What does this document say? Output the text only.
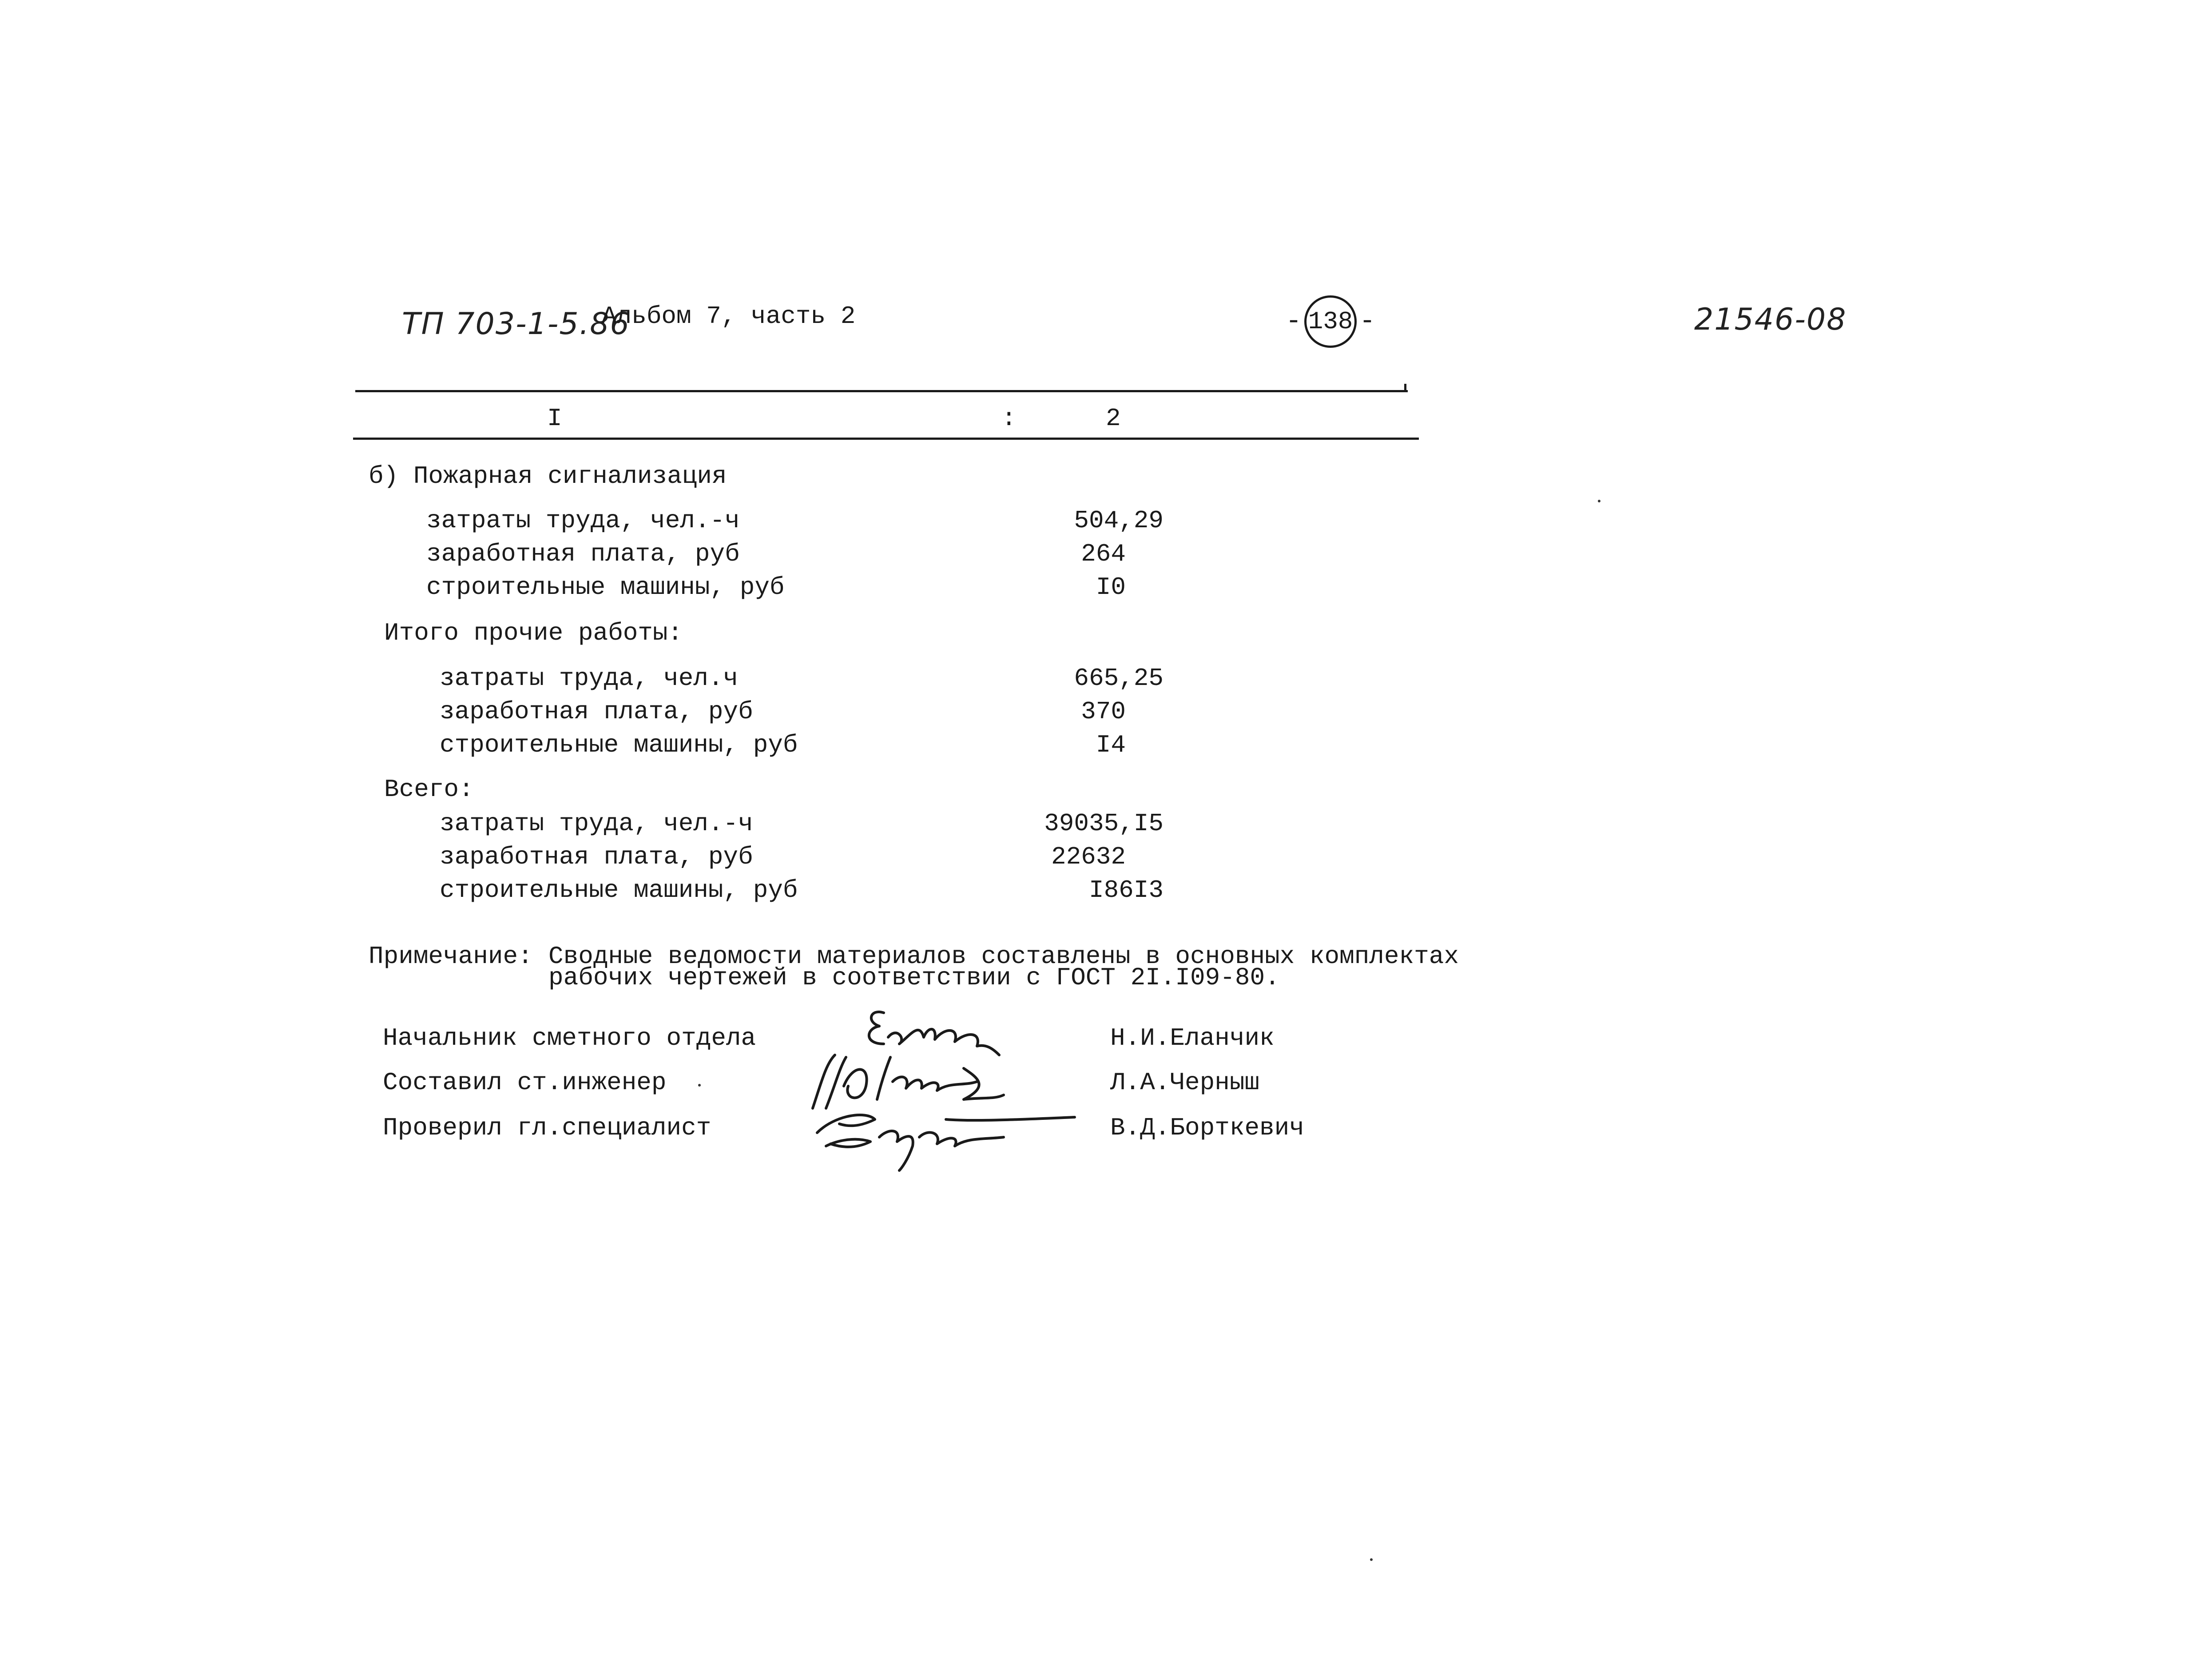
ТП 703-1-5.86
Альбом 7, часть 2	- 138 -	21546-08
I	:	2
б) Пожарная сигнализация
затраты труда, чел.-ч	504,29
заработная плата, руб	264
строительные машины, руб	I0
Итого прочие работы:
затраты труда, чел.ч	665,25
заработная плата, руб	370
строительные машины, руб	I4
Всего:
затраты труда, чел.-ч	39035,I5
заработная плата, руб	22632
строительные машины, руб	I86I3
Примечание: Сводные ведомости материалов составлены в основных комплектах
рабочих чертежей в соответствии с ГОСТ 2I.I09-80.
Начальник сметного отдела	Н.И.Еланчик
Составил ст.инженер	Л.А.Черныш
Проверил гл.специалист	В.Д.Борткевич
